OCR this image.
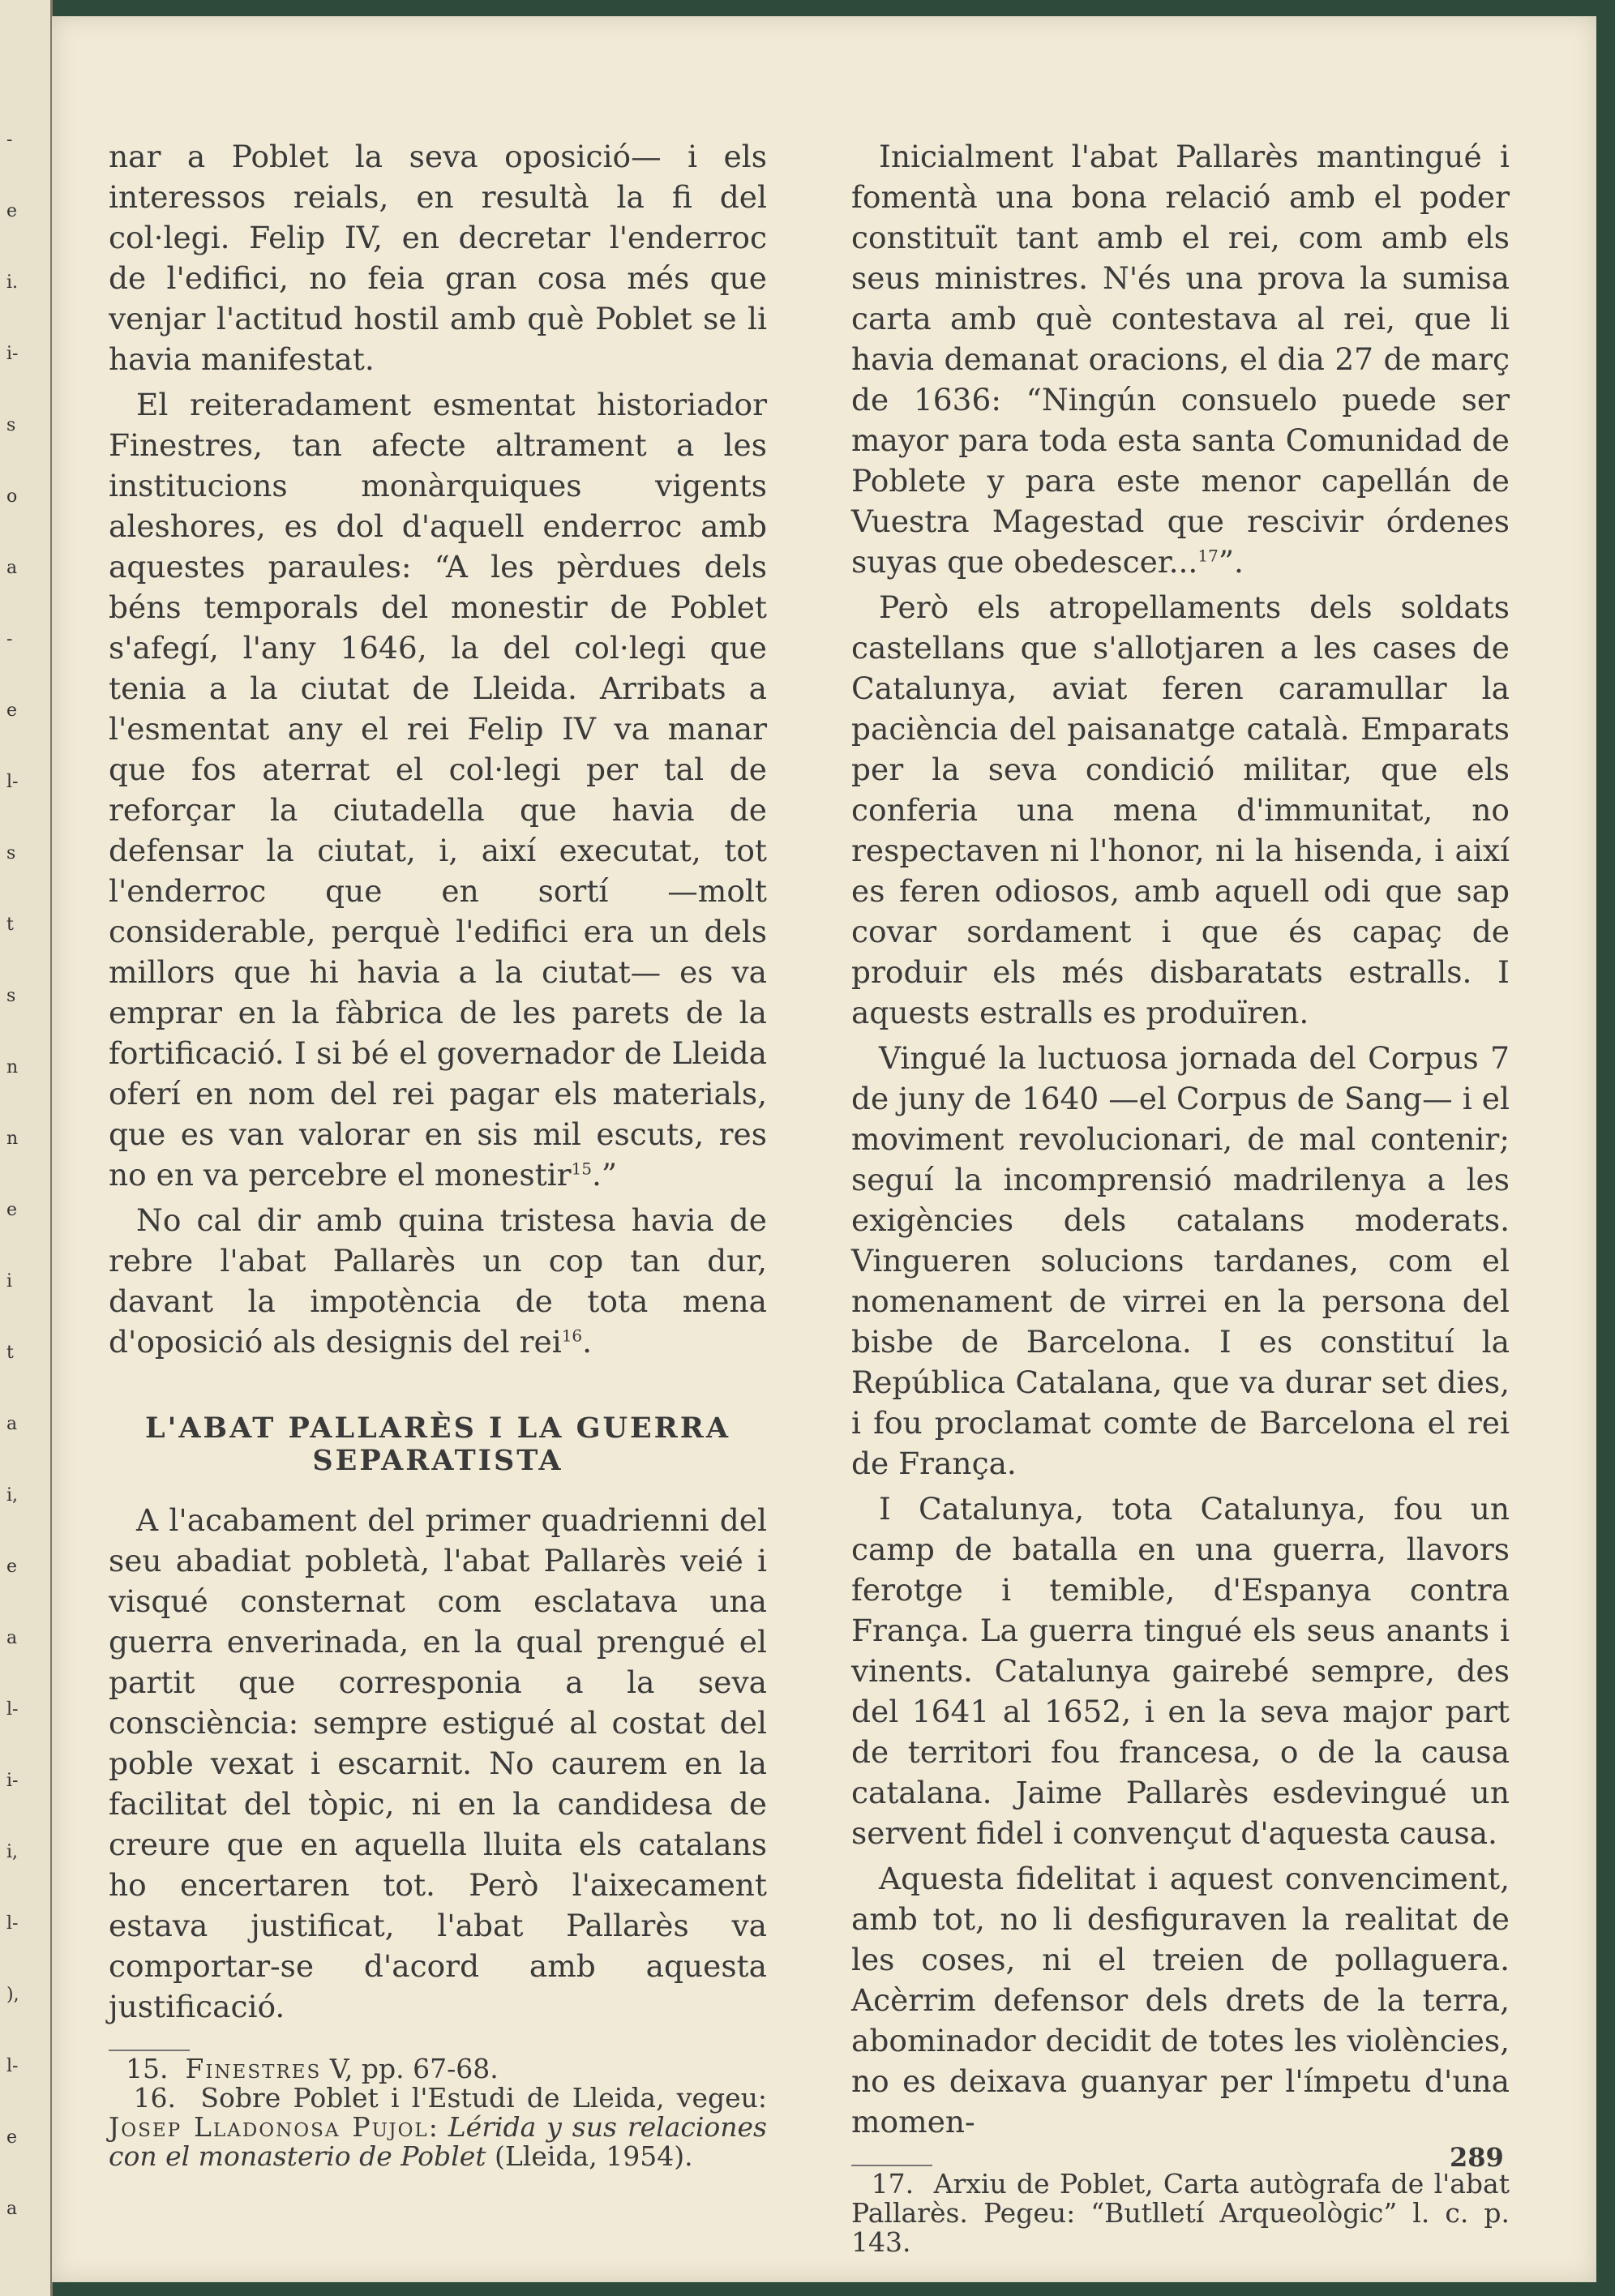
-
e
i.
i-
s
o
a
-
e
l-
s
t
s
n
n
e
i
t
a
i,
e
a
l-
i-
i,
l-
),
l-
e
a

nar a Poblet la seva oposició— i els interessos reials, en resultà la fi del col·legi. Felip IV, en decretar l'enderroc de l'edifici, no feia gran cosa més que venjar l'actitud hostil amb què Poblet se li havia manifestat.

El reiteradament esmentat historiador Finestres, tan afecte altrament a les institucions monàrquiques vigents aleshores, es dol d'aquell enderroc amb aquestes paraules: “A les pèrdues dels béns temporals del monestir de Poblet s'afegí, l'any 1646, la del col·legi que tenia a la ciutat de Lleida. Arribats a l'esmentat any el rei Felip IV va manar que fos aterrat el col·legi per tal de reforçar la ciutadella que havia de defensar la ciutat, i, així executat, tot l'enderroc que en sortí —molt considerable, perquè l'edifici era un dels millors que hi havia a la ciutat— es va emprar en la fàbrica de les parets de la fortificació. I si bé el governador de Lleida oferí en nom del rei pagar els materials, que es van valorar en sis mil escuts, res no en va percebre el monestir$^{15}$.”

No cal dir amb quina tristesa havia de rebre l'abat Pallarès un cop tan dur, davant la impotència de tota mena d'oposició als designis del rei$^{16}$.

L'ABAT PALLARÈS I LA GUERRA SEPARATISTA

A l'acabament del primer quadrienni del seu abadiat pobletà, l'abat Pallarès veié i visqué consternat com esclatava una guerra enverinada, en la qual prengué el partit que corresponia a la seva consciència: sempre estigué al costat del poble vexat i escarnit. No caurem en la facilitat del tòpic, ni en la candidesa de creure que en aquella lluita els catalans ho encertaren tot. Però l'aixecament estava justificat, l'abat Pallarès va comportar-se d'acord amb aquesta justificació.

15. Finestres V, pp. 67-68.

16. Sobre Poblet i l'Estudi de Lleida, vegeu: Josep Lladonosa Pujol: Lérida y sus relaciones con el monasterio de Poblet (Lleida, 1954).

Inicialment l'abat Pallarès mantingué i fomentà una bona relació amb el poder constituït tant amb el rei, com amb els seus ministres. N'és una prova la sumisa carta amb què contestava al rei, que li havia demanat oracions, el dia 27 de març de 1636: “Ningún consuelo puede ser mayor para toda esta santa Comunidad de Poblete y para este menor capellán de Vuestra Magestad que rescivir órdenes suyas que obedescer...$^{17}$”.

Però els atropellaments dels soldats castellans que s'allotjaren a les cases de Catalunya, aviat feren caramullar la paciència del paisanatge català. Emparats per la seva condició militar, que els conferia una mena d'immunitat, no respectaven ni l'honor, ni la hisenda, i així es feren odiosos, amb aquell odi que sap covar sordament i que és capaç de produir els més disbaratats estralls. I aquests estralls es produïren.

Vingué la luctuosa jornada del Corpus 7 de juny de 1640 —el Corpus de Sang— i el moviment revolucionari, de mal contenir; seguí la incomprensió madrilenya a les exigències dels catalans moderats. Vingueren solucions tardanes, com el nomenament de virrei en la persona del bisbe de Barcelona. I es constituí la República Catalana, que va durar set dies, i fou proclamat comte de Barcelona el rei de França.

I Catalunya, tota Catalunya, fou un camp de batalla en una guerra, llavors ferotge i temible, d'Espanya contra França. La guerra tingué els seus anants i vinents. Catalunya gairebé sempre, des del 1641 al 1652, i en la seva major part de territori fou francesa, o de la causa catalana. Jaime Pallarès esdevingué un servent fidel i convençut d'aquesta causa.

Aquesta fidelitat i aquest convenciment, amb tot, no li desfiguraven la realitat de les coses, ni el treien de pollaguera. Acèrrim defensor dels drets de la terra, abominador decidit de totes les violències, no es deixava guanyar per l'ímpetu d'una momen-

17. Arxiu de Poblet, Carta autògrafa de l'abat Pallarès. Pegeu: “Butlletí Arqueològic” l. c. p. 143.

289
